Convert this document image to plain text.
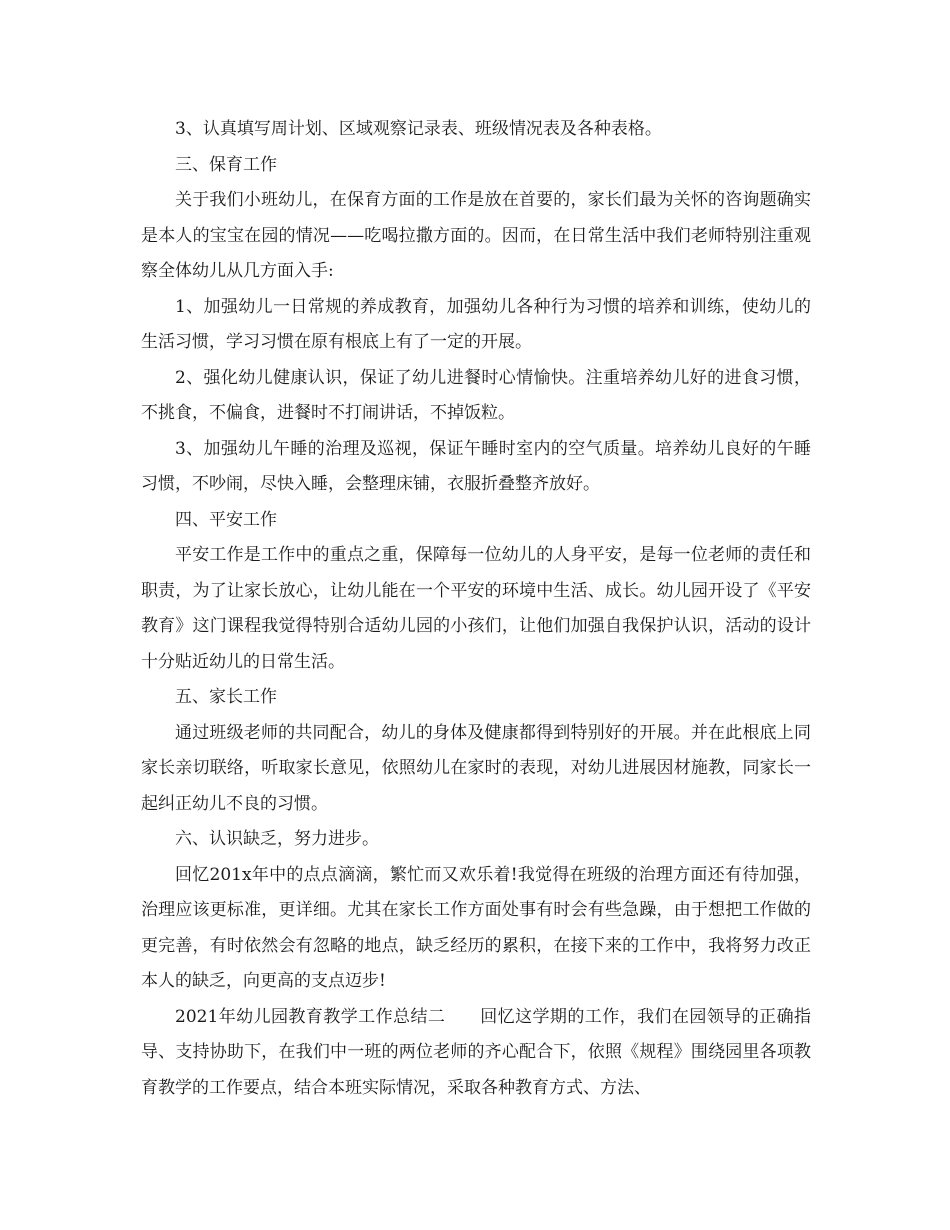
3、认真填写周计划、区域观察记录表、班级情况表及各种表格。

三、保育工作

关于我们小班幼儿，在保育方面的工作是放在首要的，家长们最为关怀的咨询题确实是本人的宝宝在园的情况——吃喝拉撒方面的。因而，在日常生活中我们老师特别注重观察全体幼儿从几方面入手:

1、加强幼儿一日常规的养成教育，加强幼儿各种行为习惯的培养和训练，使幼儿的生活习惯，学习习惯在原有根底上有了一定的开展。

2、强化幼儿健康认识，保证了幼儿进餐时心情愉快。注重培养幼儿好的进食习惯，不挑食，不偏食，进餐时不打闹讲话，不掉饭粒。

3、加强幼儿午睡的治理及巡视，保证午睡时室内的空气质量。培养幼儿良好的午睡习惯，不吵闹，尽快入睡，会整理床铺，衣服折叠整齐放好。

四、平安工作

平安工作是工作中的重点之重，保障每一位幼儿的人身平安，是每一位老师的责任和职责，为了让家长放心，让幼儿能在一个平安的环境中生活、成长。幼儿园开设了《平安教育》这门课程我觉得特别合适幼儿园的小孩们，让他们加强自我保护认识，活动的设计十分贴近幼儿的日常生活。

五、家长工作

通过班级老师的共同配合，幼儿的身体及健康都得到特别好的开展。并在此根底上同家长亲切联络，听取家长意见，依照幼儿在家时的表现，对幼儿进展因材施教，同家长一起纠正幼儿不良的习惯。

六、认识缺乏，努力进步。

回忆201x年中的点点滴滴，繁忙而又欢乐着!我觉得在班级的治理方面还有待加强，治理应该更标准，更详细。尤其在家长工作方面处事有时会有些急躁，由于想把工作做的更完善，有时依然会有忽略的地点，缺乏经历的累积，在接下来的工作中，我将努力改正本人的缺乏，向更高的支点迈步!

2021年幼儿园教育教学工作总结二　　回忆这学期的工作，我们在园领导的正确指导、支持协助下，在我们中一班的两位老师的齐心配合下，依照《规程》围绕园里各项教育教学的工作要点，结合本班实际情况，采取各种教育方式、方法、
